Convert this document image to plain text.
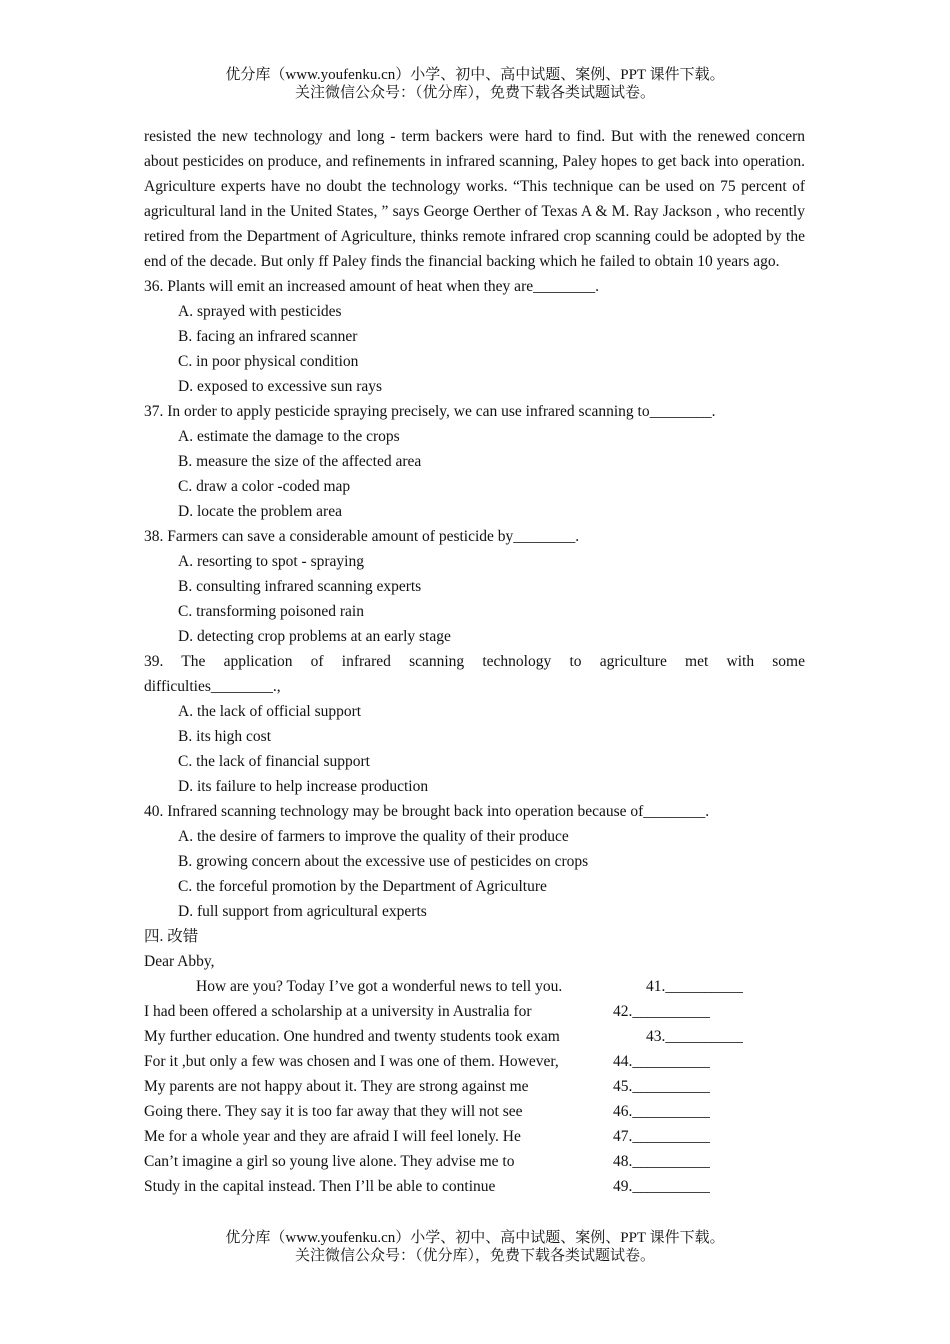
优分库（www.youfenku.cn）小学、初中、高中试题、案例、PPT 课件下载。
关注微信公众号：（优分库），免费下载各类试题试卷。
resisted the new technology and long - term backers were hard to find. But with the renewed concern about pesticides on produce, and refinements in infrared scanning, Paley hopes to get back into operation. Agriculture experts have no doubt the technology works. “This technique can be used on 75 percent of agricultural land in the United States, ” says George Oerther of Texas A & M. Ray Jackson , who recently retired from the Department of Agriculture, thinks remote infrared crop scanning could be adopted by the end of the decade. But only ff Paley finds the financial backing which he failed to obtain 10 years ago.
36. Plants will emit an increased amount of heat when they are________.
A. sprayed with pesticides
B. facing an infrared scanner
C. in poor physical condition
D. exposed to excessive sun rays
37. In order to apply pesticide spraying precisely, we can use infrared scanning to________.
A. estimate the damage to the crops
B. measure the size of the affected area
C. draw a color -coded map
D. locate the problem area
38. Farmers can save a considerable amount of pesticide by________.
A. resorting to spot - spraying
B. consulting infrared scanning experts
C. transforming poisoned rain
D. detecting crop problems at an early stage
39. The application of infrared scanning technology to agriculture met with some
difficulties________.,
A. the lack of official support
B. its high cost
C. the lack of financial support
D. its failure to help increase production
40. Infrared scanning technology may be brought back into operation because of________.
A. the desire of farmers to improve the quality of their produce
B. growing concern about the excessive use of pesticides on crops
C. the forceful promotion by the Department of Agriculture
D. full support from agricultural experts
四. 改错
Dear Abby,
How are you? Today I’ve got a wonderful news to tell you.	41.__________
I had been offered a scholarship at a university in Australia for	42.__________
My further education. One hundred and twenty students took exam	43.__________
For it ,but only a few was chosen and I was one of them. However,	44.__________
My parents are not happy about it. They are strong against me	45.__________
Going there. They say it is too far away that they will not see	46.__________
Me for a whole year and they are afraid I will feel lonely. He	47.__________
Can’t imagine a girl so young live alone. They advise me to	48.__________
Study in the capital instead. Then I’ll be able to continue	49.__________
优分库（www.youfenku.cn）小学、初中、高中试题、案例、PPT 课件下载。
关注微信公众号：（优分库），免费下载各类试题试卷。
